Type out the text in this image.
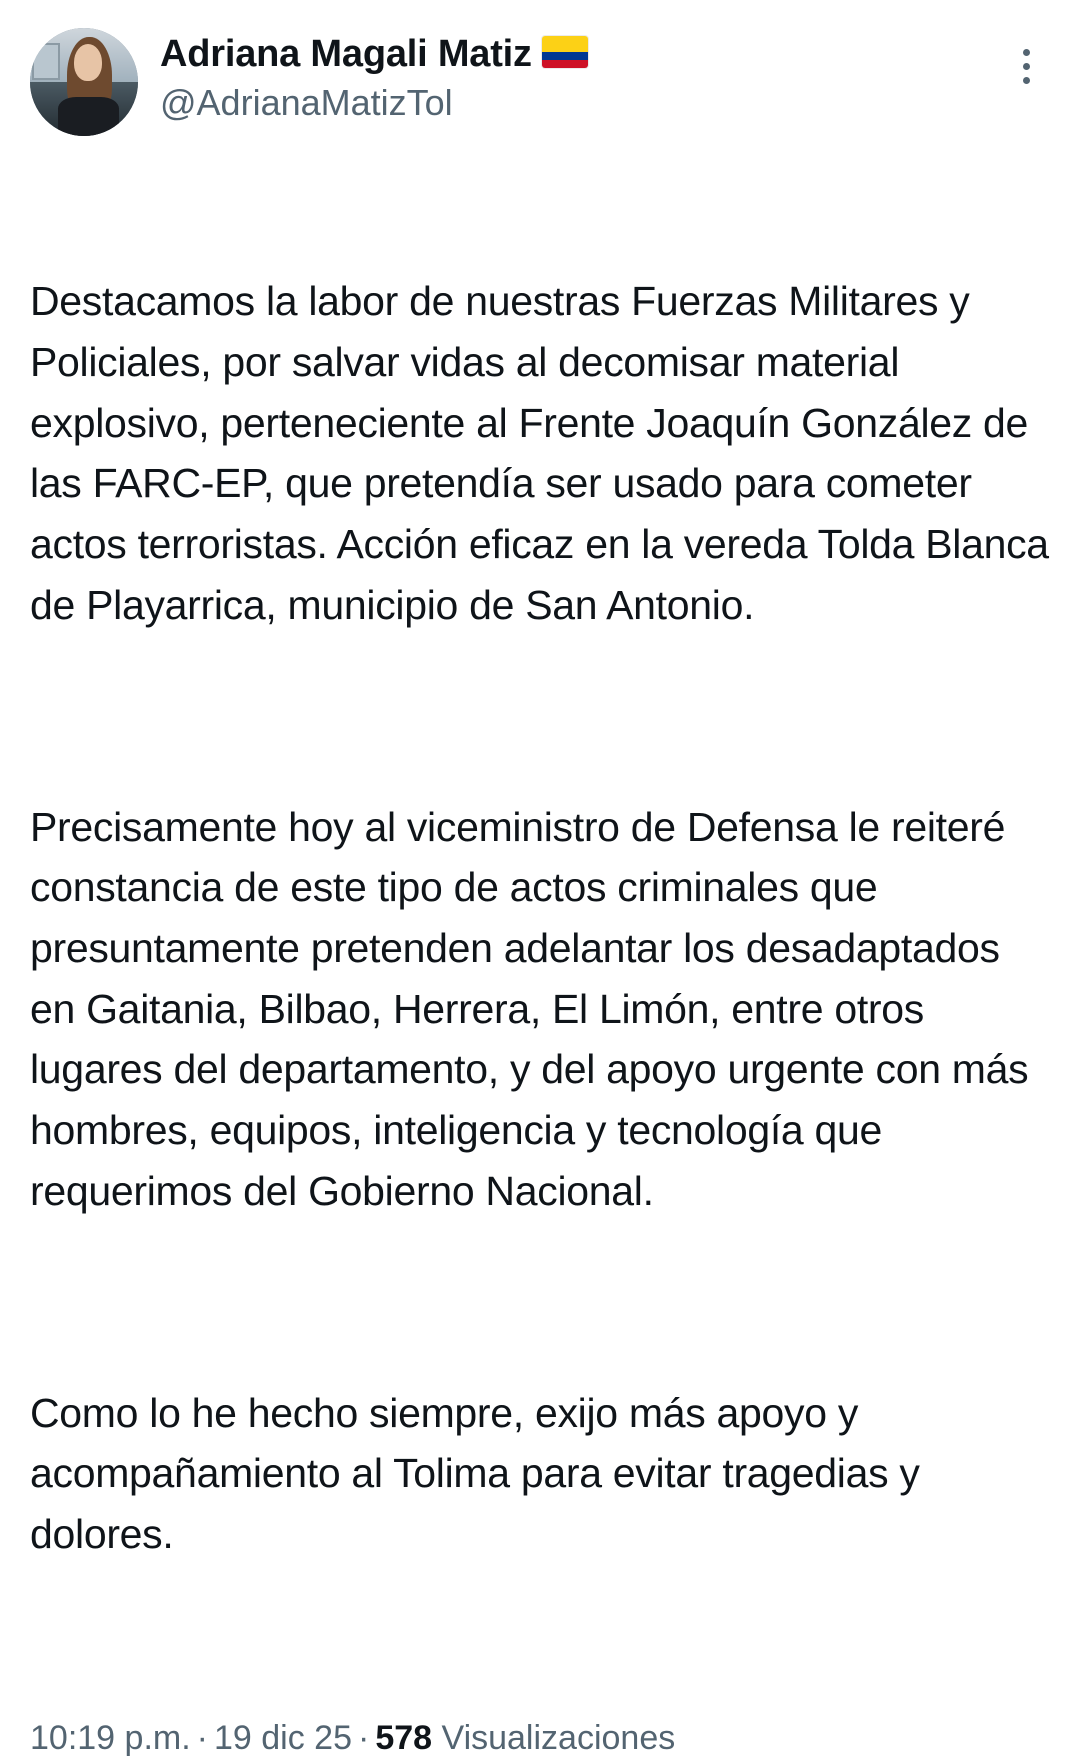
Adriana Magali Matiz
@AdrianaMatizTol

Destacamos la labor de nuestras Fuerzas Militares y Policiales, por salvar vidas al decomisar material explosivo, perteneciente al Frente Joaquín González de las FARC-EP, que pretendía ser usado para cometer actos terroristas. Acción eficaz en la vereda Tolda Blanca de Playarrica, municipio de San Antonio.

Precisamente hoy al viceministro de Defensa le reiteré constancia de este tipo de actos criminales que presuntamente pretenden adelantar los desadaptados en Gaitania, Bilbao, Herrera, El Limón, entre otros lugares del departamento, y del apoyo urgente con más hombres, equipos, inteligencia y tecnología que requerimos del Gobierno Nacional.

Como lo he hecho siempre, exijo más apoyo y acompañamiento al Tolima para evitar tragedias y dolores.

10:19 p.m. · 19 dic 25 · 578 Visualizaciones
